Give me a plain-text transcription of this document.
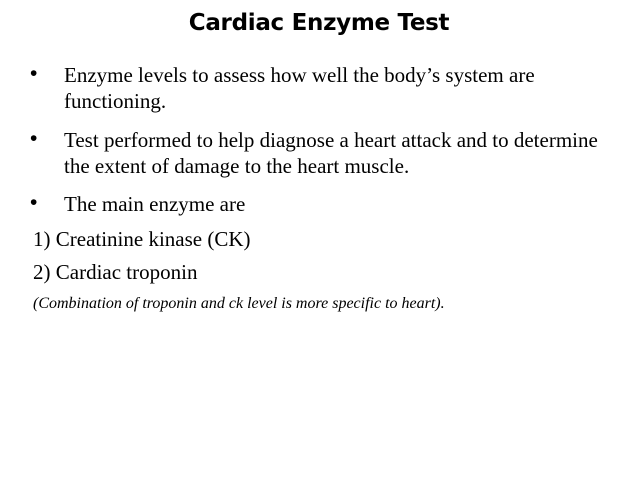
Cardiac Enzyme Test
• Enzyme levels to assess how well the body’s system are functioning.
• Test performed to help diagnose a heart attack and to determine the extent of damage to the heart muscle.
• The main enzyme are
1) Creatinine kinase (CK)
2) Cardiac troponin
(Combination of troponin and ck level is more specific to heart).
